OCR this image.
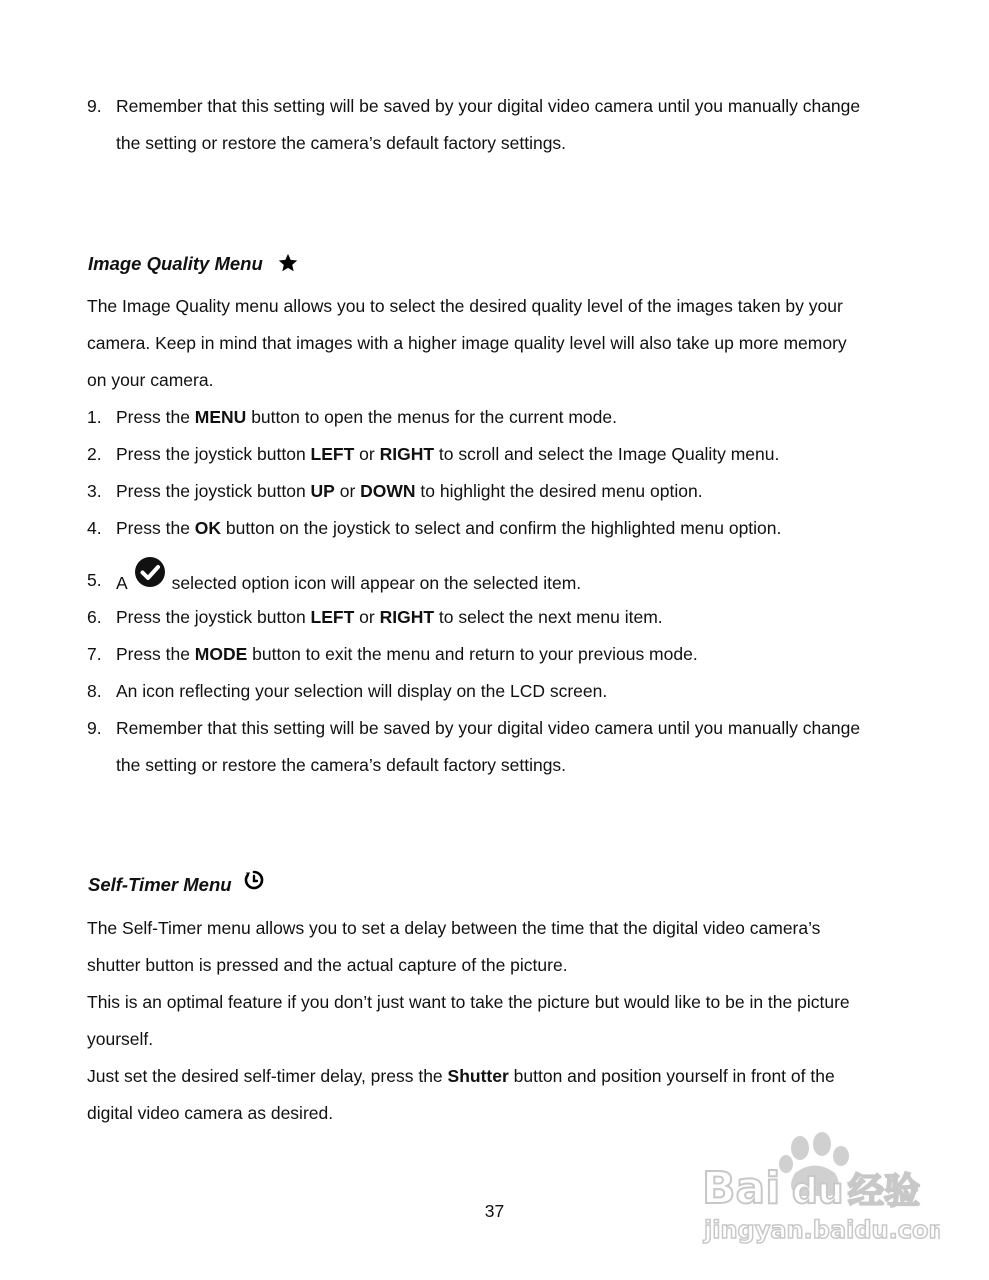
9. Remember that this setting will be saved by your digital video camera until you manually change
the setting or restore the camera’s default factory settings.
Image Quality Menu
The Image Quality menu allows you to select the desired quality level of the images taken by your
camera. Keep in mind that images with a higher image quality level will also take up more memory
on your camera.
1. Press the MENU button to open the menus for the current mode.
2. Press the joystick button LEFT or RIGHT to scroll and select the Image Quality menu.
3. Press the joystick button UP or DOWN to highlight the desired menu option.
4. Press the OK button on the joystick to select and confirm the highlighted menu option.
5. A	selected option icon will appear on the selected item.
6. Press the joystick button LEFT or RIGHT to select the next menu item.
7. Press the MODE button to exit the menu and return to your previous mode.
8. An icon reflecting your selection will display on the LCD screen.
9. Remember that this setting will be saved by your digital video camera until you manually change
the setting or restore the camera’s default factory settings.
Self-Timer Menu
The Self-Timer menu allows you to set a delay between the time that the digital video camera’s
shutter button is pressed and the actual capture of the picture.
This is an optimal feature if you don’t just want to take the picture but would like to be in the picture
yourself.
Just set the desired self-timer delay, press the Shutter button and position yourself in front of the
digital video camera as desired.
37	Bai du 经验
jingyan.baidu.com
